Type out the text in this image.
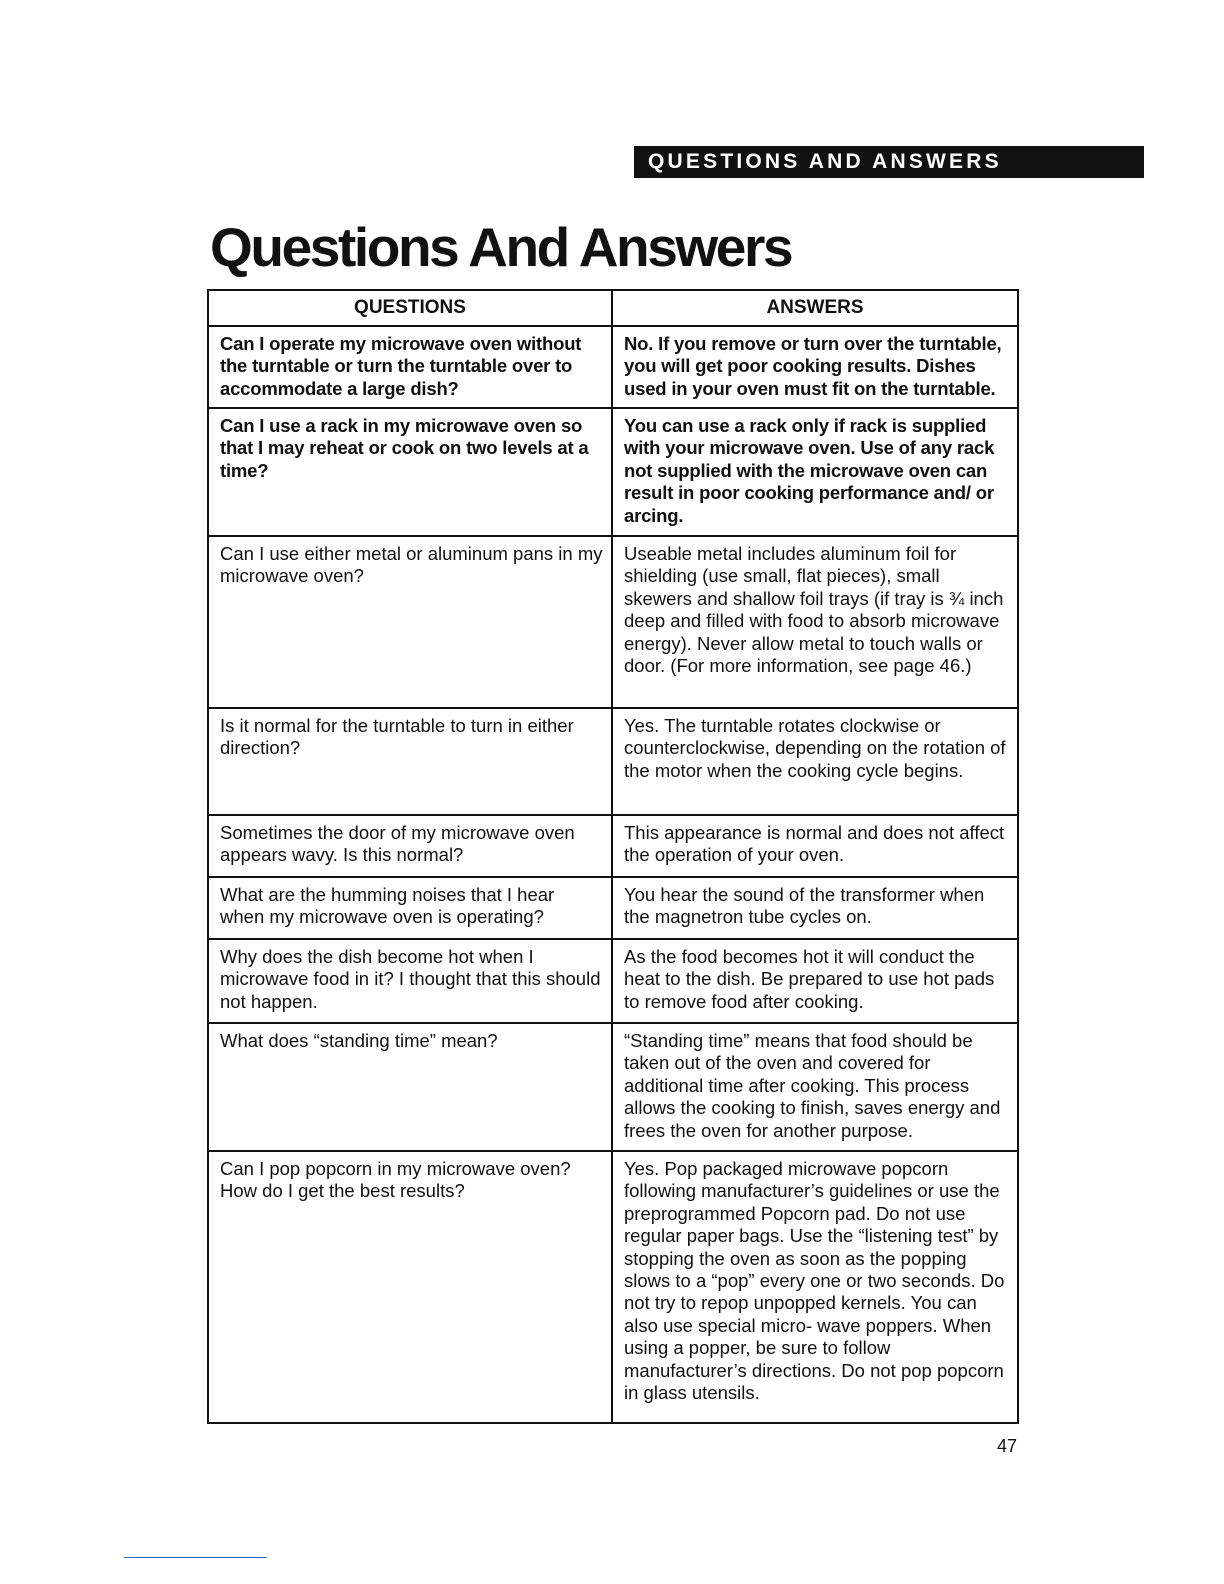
QUESTIONS AND ANSWERS
Questions And Answers
QUESTIONS	ANSWERS
Can I operate my microwave oven without the turntable or turn the turntable over to accommodate a large dish?	No. If you remove or turn over the turntable, you will get poor cooking results. Dishes used in your oven must fit on the turntable.
Can I use a rack in my microwave oven so that I may reheat or cook on two levels at a time?	You can use a rack only if rack is supplied with your microwave oven. Use of any rack not supplied with the microwave oven can result in poor cooking performance and/ or arcing.
Can I use either metal or aluminum pans in my microwave oven?	Useable metal includes aluminum foil for shielding (use small, flat pieces), small skewers and shallow foil trays (if tray is ¾ inch deep and filled with food to absorb microwave energy). Never allow metal to touch walls or door. (For more information, see page 46.)
Is it normal for the turntable to turn in either direction?	Yes. The turntable rotates clockwise or counterclockwise, depending on the rotation of the motor when the cooking cycle begins.
Sometimes the door of my microwave oven appears wavy. Is this normal?	This appearance is normal and does not affect the operation of your oven.
What are the humming noises that I hear when my microwave oven is operating?	You hear the sound of the transformer when the magnetron tube cycles on.
Why does the dish become hot when I microwave food in it? I thought that this should not happen.	As the food becomes hot it will conduct the heat to the dish. Be prepared to use hot pads to remove food after cooking.
What does “standing time” mean?	“Standing time” means that food should be taken out of the oven and covered for additional time after cooking. This process allows the cooking to finish, saves energy and frees the oven for another purpose.
Can I pop popcorn in my microwave oven? How do I get the best results?	Yes. Pop packaged microwave popcorn following manufacturer’s guidelines or use the preprogrammed Popcorn pad. Do not use regular paper bags. Use the “listening test” by stopping the oven as soon as the popping slows to a “pop” every one or two seconds. Do not try to repop unpopped kernels. You can also use special micro- wave poppers. When using a popper, be sure to follow manufacturer’s directions. Do not pop popcorn in glass utensils.
47
